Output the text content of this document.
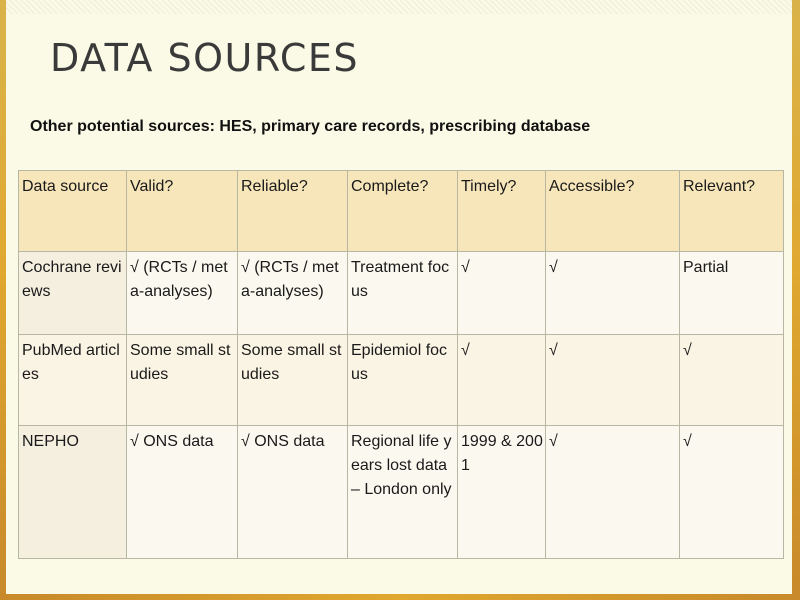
DATA SOURCES

Other potential sources: HES, primary care records, prescribing database

Data source	Valid?	Reliable?	Complete?	Timely?	Accessible?	Relevant?
Cochrane reviews	√ (RCTs / meta-analyses)	√ (RCTs / meta-analyses)	Treatment focus	√	√	Partial
PubMed articles	Some small studies	Some small studies	Epidemiol focus	√	√	√
NEPHO	√ ONS data	√ ONS data	Regional life years lost data – London only	1999 & 2001	√	√
